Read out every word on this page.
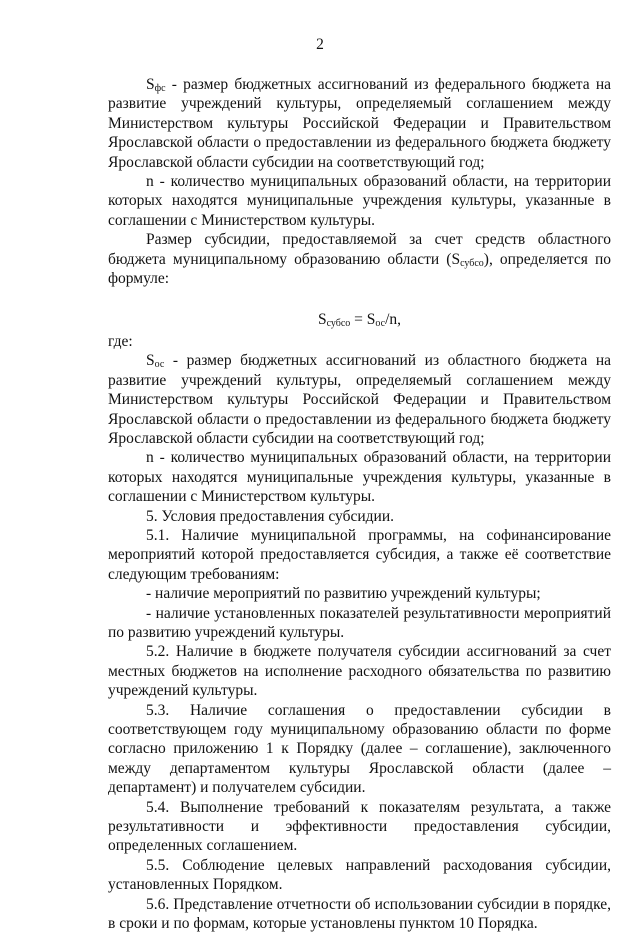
2

$S_{фс}$ - размер бюджетных ассигнований из федерального бюджета на развитие учреждений культуры, определяемый соглашением между Министерством культуры Российской Федерации и Правительством Ярославской области о предоставлении из федерального бюджета бюджету Ярославской области субсидии на соответствующий год;

n - количество муниципальных образований области, на территории которых находятся муниципальные учреждения культуры, указанные в соглашении с Министерством культуры.

Размер субсидии, предоставляемой за счет средств областного бюджета муниципальному образованию области $(S_{субсо})$, определяется по формуле:

$S_{субсо} = S_{ос}/n$,

где:

$S_{ос}$ - размер бюджетных ассигнований из областного бюджета на развитие учреждений культуры, определяемый соглашением между Министерством культуры Российской Федерации и Правительством Ярославской области о предоставлении из федерального бюджета бюджету Ярославской области субсидии на соответствующий год;

n - количество муниципальных образований области, на территории которых находятся муниципальные учреждения культуры, указанные в соглашении с Министерством культуры.

5. Условия предоставления субсидии.

5.1. Наличие муниципальной программы, на софинансирование мероприятий которой предоставляется субсидия, а также её соответствие следующим требованиям:

- наличие мероприятий по развитию учреждений культуры;

- наличие установленных показателей результативности мероприятий по развитию учреждений культуры.

5.2. Наличие в бюджете получателя субсидии ассигнований за счет местных бюджетов на исполнение расходного обязательства по развитию учреждений культуры.

5.3. Наличие соглашения о предоставлении субсидии в соответствующем году муниципальному образованию области по форме согласно приложению 1 к Порядку (далее – соглашение), заключенного между департаментом культуры Ярославской области (далее – департамент) и получателем субсидии.

5.4. Выполнение требований к показателям результата, а также результативности и эффективности предоставления субсидии, определенных соглашением.

5.5. Соблюдение целевых направлений расходования субсидии, установленных Порядком.

5.6. Представление отчетности об использовании субсидии в порядке, в сроки и по формам, которые установлены пунктом 10 Порядка.
